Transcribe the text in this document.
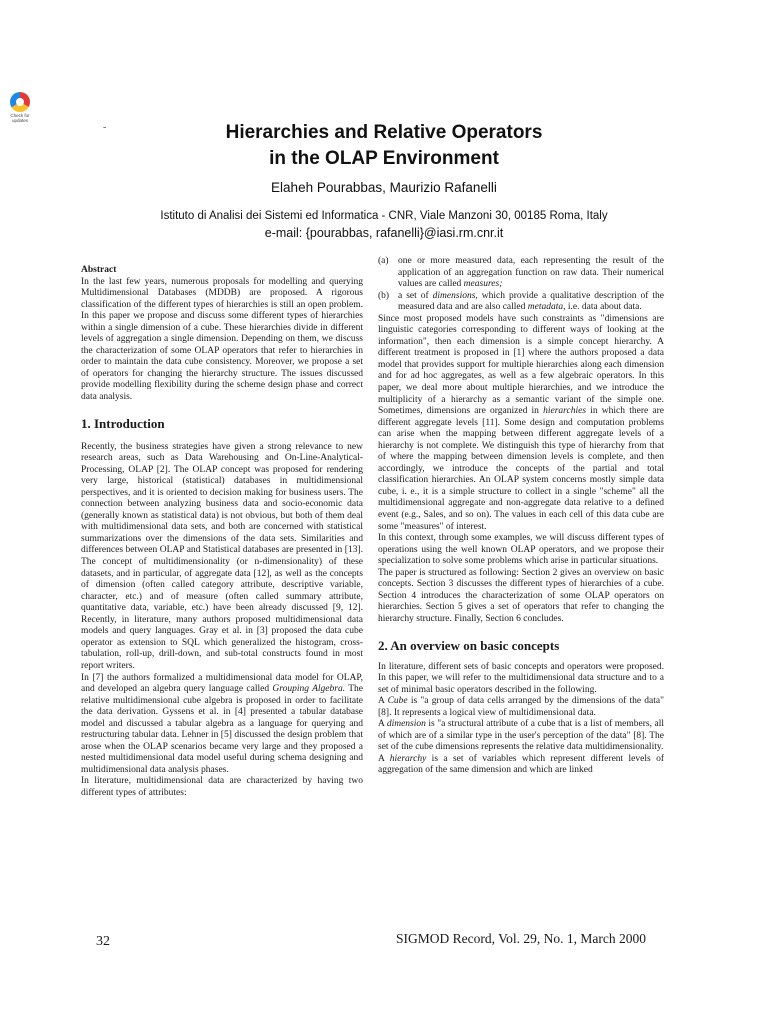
Check for updates
-	Hierarchies and Relative Operators
in the OLAP Environment
Elaheh Pourabbas, Maurizio Rafanelli
Istituto di Analisi dei Sistemi ed Informatica - CNR, Viale Manzoni 30, 00185 Roma, Italy
e-mail: {pourabbas, rafanelli}@iasi.rm.cnr.it

Abstract

In the last few years, numerous proposals for modelling and querying Multidimensional Databases (MDDB) are proposed. A rigorous classification of the different types of hierarchies is still an open problem. In this paper we propose and discuss some different types of hierarchies within a single dimension of a cube. These hierarchies divide in different levels of aggregation a single dimension. Depending on them, we discuss the characterization of some OLAP operators that refer to hierarchies in order to maintain the data cube consistency. Moreover, we propose a set of operators for changing the hierarchy structure. The issues discussed provide modelling flexibility during the scheme design phase and correct data analysis.

1. Introduction

Recently, the business strategies have given a strong relevance to new research areas, such as Data Warehousing and On-Line-Analytical-Processing, OLAP [2]. The OLAP concept was proposed for rendering very large, historical (statistical) databases in multidimensional perspectives, and it is oriented to decision making for business users. The connection between analyzing business data and socio-economic data (generally known as statistical data) is not obvious, but both of them deal with multidimensional data sets, and both are concerned with statistical summarizations over the dimensions of the data sets. Similarities and differences between OLAP and Statistical databases are presented in [13]. The concept of multidimensionality (or n-dimensionality) of these datasets, and in particular, of aggregate data [12], as well as the concepts of dimension (often called category attribute, descriptive variable, character, etc.) and of measure (often called summary attribute, quantitative data, variable, etc.) have been already discussed [9, 12]. Recently, in literature, many authors proposed multidimensional data models and query languages. Gray et al. in [3] proposed the data cube operator as extension to SQL which generalized the histogram, cross-tabulation, roll-up, drill-down, and sub-total constructs found in most report writers.

In [7] the authors formalized a multidimensional data model for OLAP, and developed an algebra query language called Grouping Algebra. The relative multidimensional cube algebra is proposed in order to facilitate the data derivation. Gyssens et al. in [4] presented a tabular database model and discussed a tabular algebra as a language for querying and restructuring tabular data. Lehner in [5] discussed the design problem that arose when the OLAP scenarios became very large and they proposed a nested multidimensional data model useful during schema designing and multidimensional data analysis phases.

In literature, multidimensional data are characterized by having two different types of attributes:

(a) one or more measured data, each representing the result of the application of an aggregation function on raw data. Their numerical values are called measures;
(b) a set of dimensions, which provide a qualitative description of the measured data and are also called metadata, i.e. data about data.

Since most proposed models have such constraints as "dimensions are linguistic categories corresponding to different ways of looking at the information", then each dimension is a simple concept hierarchy. A different treatment is proposed in [1] where the authors proposed a data model that provides support for multiple hierarchies along each dimension and for ad hoc aggregates, as well as a few algebraic operators. In this paper, we deal more about multiple hierarchies, and we introduce the multiplicity of a hierarchy as a semantic variant of the simple one. Sometimes, dimensions are organized in hierarchies in which there are different aggregate levels [11]. Some design and computation problems can arise when the mapping between different aggregate levels of a hierarchy is not complete. We distinguish this type of hierarchy from that of where the mapping between dimension levels is complete, and then accordingly, we introduce the concepts of the partial and total classification hierarchies. An OLAP system concerns mostly simple data cube, i. e., it is a simple structure to collect in a single "scheme" all the multidimensional aggregate and non-aggregate data relative to a defined event (e.g., Sales, and so on). The values in each cell of this data cube are some "measures" of interest.

In this context, through some examples, we will discuss different types of operations using the well known OLAP operators, and we propose their specialization to solve some problems which arise in particular situations.

The paper is structured as following: Section 2 gives an overview on basic concepts. Section 3 discusses the different types of hierarchies of a cube. Section 4 introduces the characterization of some OLAP operators on hierarchies. Section 5 gives a set of operators that refer to changing the hierarchy structure. Finally, Section 6 concludes.

2. An overview on basic concepts

In literature, different sets of basic concepts and operators were proposed. In this paper, we will refer to the multidimensional data structure and to a set of minimal basic operators described in the following.

A Cube is "a group of data cells arranged by the dimensions of the data" [8]. It represents a logical view of multidimensional data.

A dimension is "a structural attribute of a cube that is a list of members, all of which are of a similar type in the user's perception of the data" [8]. The set of the cube dimensions represents the relative data multidimensionality.

A hierarchy is a set of variables which represent different levels of aggregation of the same dimension and which are linked

32	SIGMOD Record, Vol. 29, No. 1, March 2000
